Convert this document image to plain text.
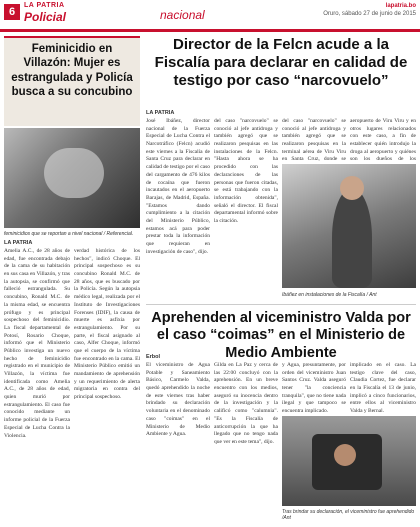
6
LA PATRIA
Policial	nacional
lapatria.bo
Oruro, sábado 27 de junio de 2015
Feminicidio en Villazón: Mujer es estrangulada y Policía busca a su concubino
feminicidios que se reportan a nivel nacional / Referencial.
LA PATRIA
Amelia A.C., de 28 años de edad, fue encontrada debajo de la cama de su habitación en sus casa en Villazón, y tras la autopsia, se confirmó que falleció estrangulada. Su concubino, Ronald M.C. de la misma edad, se encuentra prófugo y es principal sospechoso del feminicidio. La fiscal departamental de Potosí, Rosario Choque, informó que el Ministerio Público investiga un nuevo hecho de feminicidio registrado en el municipio de Villazón, la víctima fue identificada como Amelia A.C., de 28 años de edad, quien murió por estrangulamiento. El caso fue conocido mediante un informe policial de la Fuerza Especial de Lucha Contra la Violencia.
verdad histórica de los hechos", indicó Choque. El principal sospechoso es su concubino Ronald M.C. de 28 años, que es buscado por la Policía. Según la autopsia médico legal, realizada por el Instituto de Investigaciones Forenses (IDIF), la causa de muerte es asfixia por estrangulamiento. Por su parte, el fiscal asignado al caso, Alfer Choque, informó que el cuerpo de la víctima fue encontrado en la cama. El Ministerio Público emitió un mandamiento de aprehensión y un requerimiento de alerta migratoria en contra del principal sospechoso.
Director de la Felcn acude a la Fiscalía para declarar en calidad de testigo por caso “narcovuelo”
LA PATRIA
José Ibáñez, director nacional de la Fuerza Especial de Lucha Contra el Narcotráfico (Felcn) acudió este viernes a la Fiscalía de Santa Cruz para declarar en calidad de testigo por el caso del cargamento de 476 kilos de cocaína que fueron incautados en el aeropuerto Barajas, de Madrid, España. "Estamos dando cumplimiento a la citación del Ministerio Público, estamos acá para poder prestar toda la información que requieran en investigación de caso", dijo.
del caso "narcovuelo" se conoció al jefe antidroga y también agregó que se realizaron pesquisas en las instalaciones de la Felcn. "Hasta ahora se ha procedido con las declaraciones de las personas que fueron citadas, se está trabajando con la información obtenida", señaló el director. El fiscal departamental informó sobre la citación.
del caso "narcovuelo" se conoció al jefe antidroga y también agregó que se realizaron pesquisas en la terminal aérea de Viru Viru en Santa Cruz, donde se
aeropuerto de Viru Viru y en otros lugares relacionados con este caso, a fin de establecer quién introdujo la droga al aeropuerto y quiénes son los dueños de los
Ibáñez en instalaciones de la Fiscalía / Ant
Aprehenden al viceministro Valda por el caso “coimas” en el Ministerio de Medio Ambiente
Erbol
El viceministro de Agua Potable y Saneamiento Básico, Carmelo Valda, quedó aprehendido la noche de este viernes tras haber brindado su declaración voluntaria en el denominado caso "coimas" en el Ministerio de Medio Ambiente y Agua.
Gilda en La Paz y cerca de las 22:00 concluyó con la aprehensión. En un breve encuentro con los medios, aseguró su inocencia dentro de la investigación y la calificó como "calumnia". "Es la Fiscalía de anticorrupción la que ha llegado que no tengo nada que ver en este tema", dijo.
y Agua, presuntamente, por orden del viceministro Juan Santos Cruz. Valda aseguró tener "la conciencia tranquila", que no tiene nada ilegal y que tampoco se encuentra implicado.
implicado en el caso. La testigo clave del caso, Claudia Cortez, fue declarar en la Fiscalía el 13 de junio, implicó a cinco funcionarios, entre ellos al viceministro Valda y Bernal.
Tras brindar su declaración, el viceministro fue aprehendido /Ant
